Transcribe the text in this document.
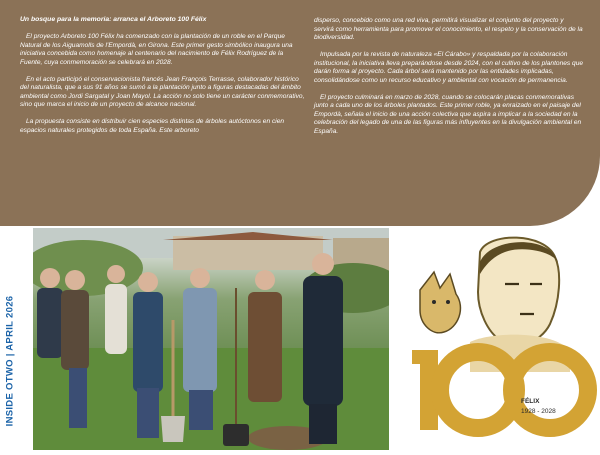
Un bosque para la memoria: arranca el Arboreto 100 Félix

El proyecto Arboreto 100 Félix ha comenzado con la plantación de un roble en el Parque Natural de los Aiguamolls de l'Empordà, en Girona. Este primer gesto simbólico inaugura una iniciativa concebida como homenaje al centenario del nacimiento de Félix Rodríguez de la Fuente, cuya conmemoración se celebrará en 2028.

En el acto participó el conservacionista francés Jean François Terrasse, colaborador histórico del naturalista, que a sus 91 años se sumó a la plantación junto a figuras destacadas del ámbito ambiental como Jordi Sargatal y Joan Mayol. La acción no solo tiene un carácter conmemorativo, sino que marca el inicio de un proyecto de alcance nacional.

La propuesta consiste en distribuir cien especies distintas de árboles autóctonos en cien espacios naturales protegidos de toda España. Este arboreto

disperso, concebido como una red viva, permitirá visualizar el conjunto del proyecto y servirá como herramienta para promover el conocimiento, el respeto y la conservación de la biodiversidad.

Impulsada por la revista de naturaleza «El Cárabo» y respaldada por la colaboración institucional, la iniciativa lleva preparándose desde 2024, con el cultivo de los plantones que darán forma al proyecto. Cada árbol será mantenido por las entidades implicadas, consolidándose como un recurso educativo y ambiental con vocación de permanencia.

El proyecto culminará en marzo de 2028, cuando se colocarán placas conmemorativas junto a cada uno de los árboles plantados. Este primer roble, ya enraizado en el paisaje del Empordà, señala el inicio de una acción colectiva que aspira a implicar a la sociedad en la celebración del legado de una de las figuras más influyentes en la divulgación ambiental en España.

INSIDE OTWO | APRIL 2026	FÉLIX
1928 - 2028
